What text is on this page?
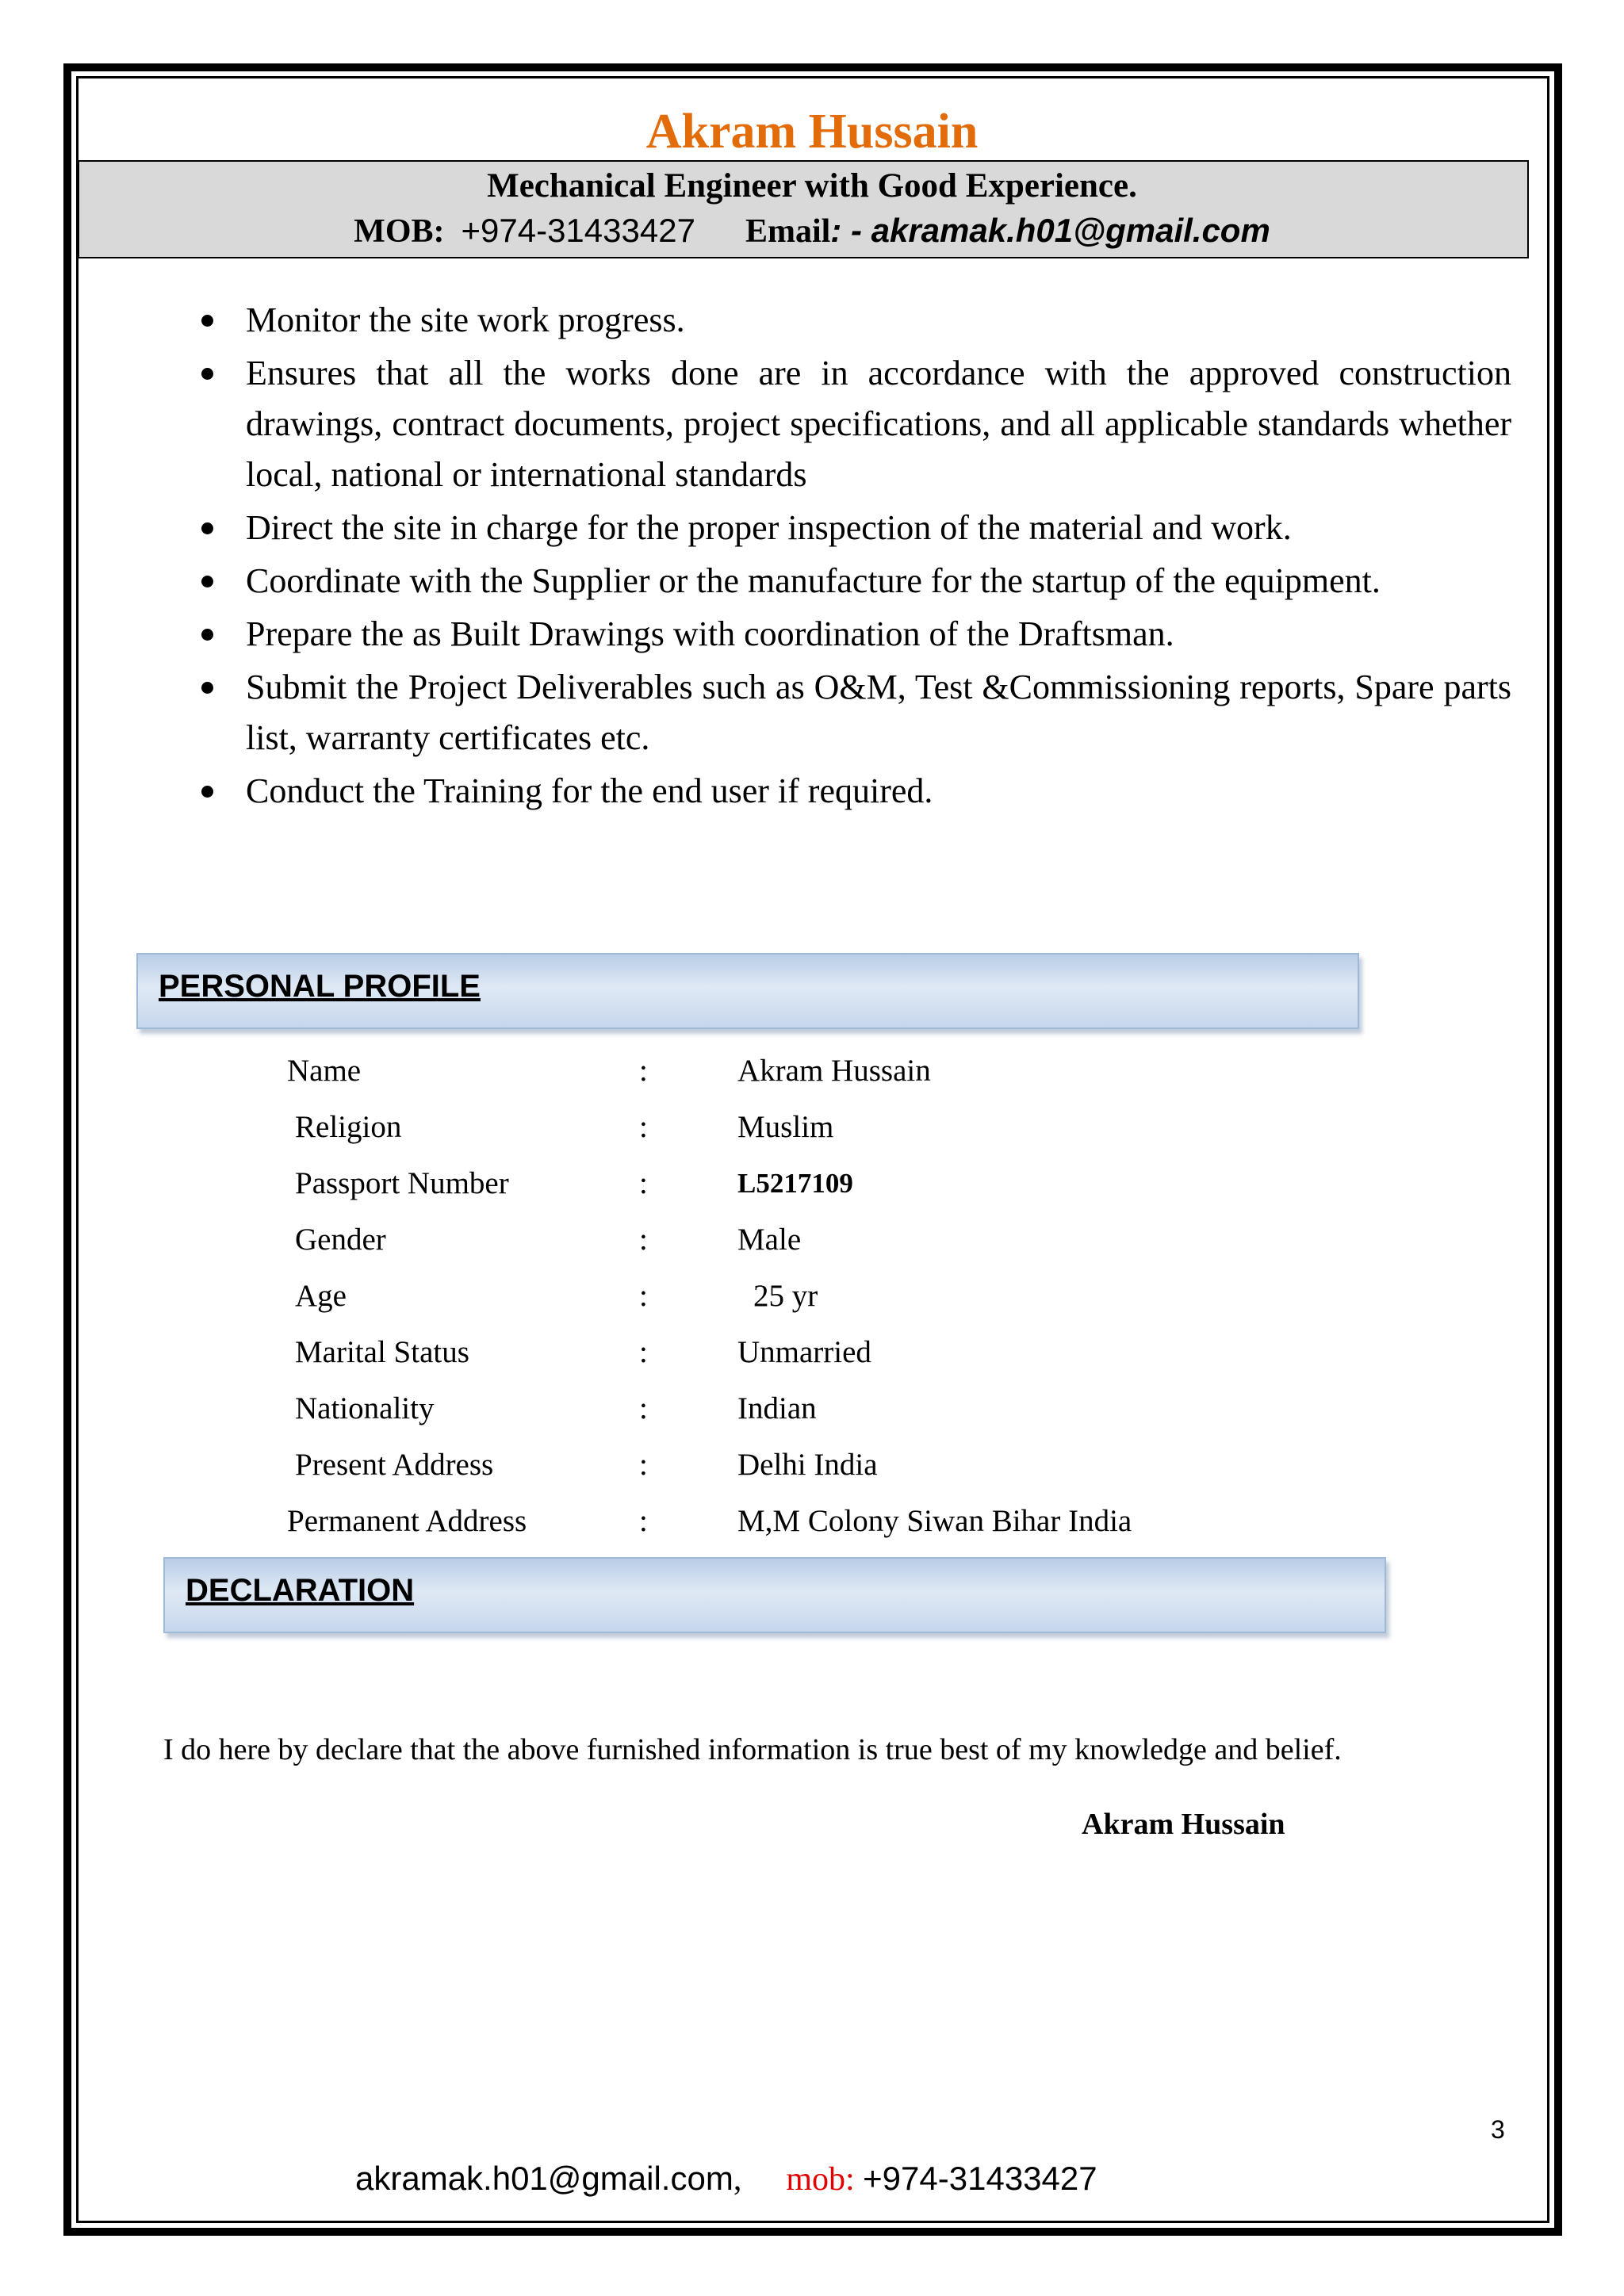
Akram Hussain
Mechanical Engineer with Good Experience.
MOB: +974-31433427 Email: - akramak.h01@gmail.com
Monitor the site work progress.
Ensures that all the works done are in accordance with the approved construction drawings, contract documents, project specifications, and all applicable standards whether local, national or international standards
Direct the site in charge for the proper inspection of the material and work.
Coordinate with the Supplier or the manufacture for the startup of the equipment.
Prepare the as Built Drawings with coordination of the Draftsman.
Submit the Project Deliverables such as O&M, Test &Commissioning reports, Spare parts list, warranty certificates etc.
Conduct the Training for the end user if required.
PERSONAL PROFILE
Name	:	Akram Hussain
Religion	:	Muslim
Passport Number	:	L5217109
Gender	:	Male
Age	:	25 yr
Marital Status	:	Unmarried
Nationality	:	Indian
Present Address	:	Delhi India
Permanent Address	:	M,M Colony Siwan Bihar India
DECLARATION
I do here by declare that the above furnished information is true best of my knowledge and belief.
Akram Hussain
3
akramak.h01@gmail.com, mob: +974-31433427
